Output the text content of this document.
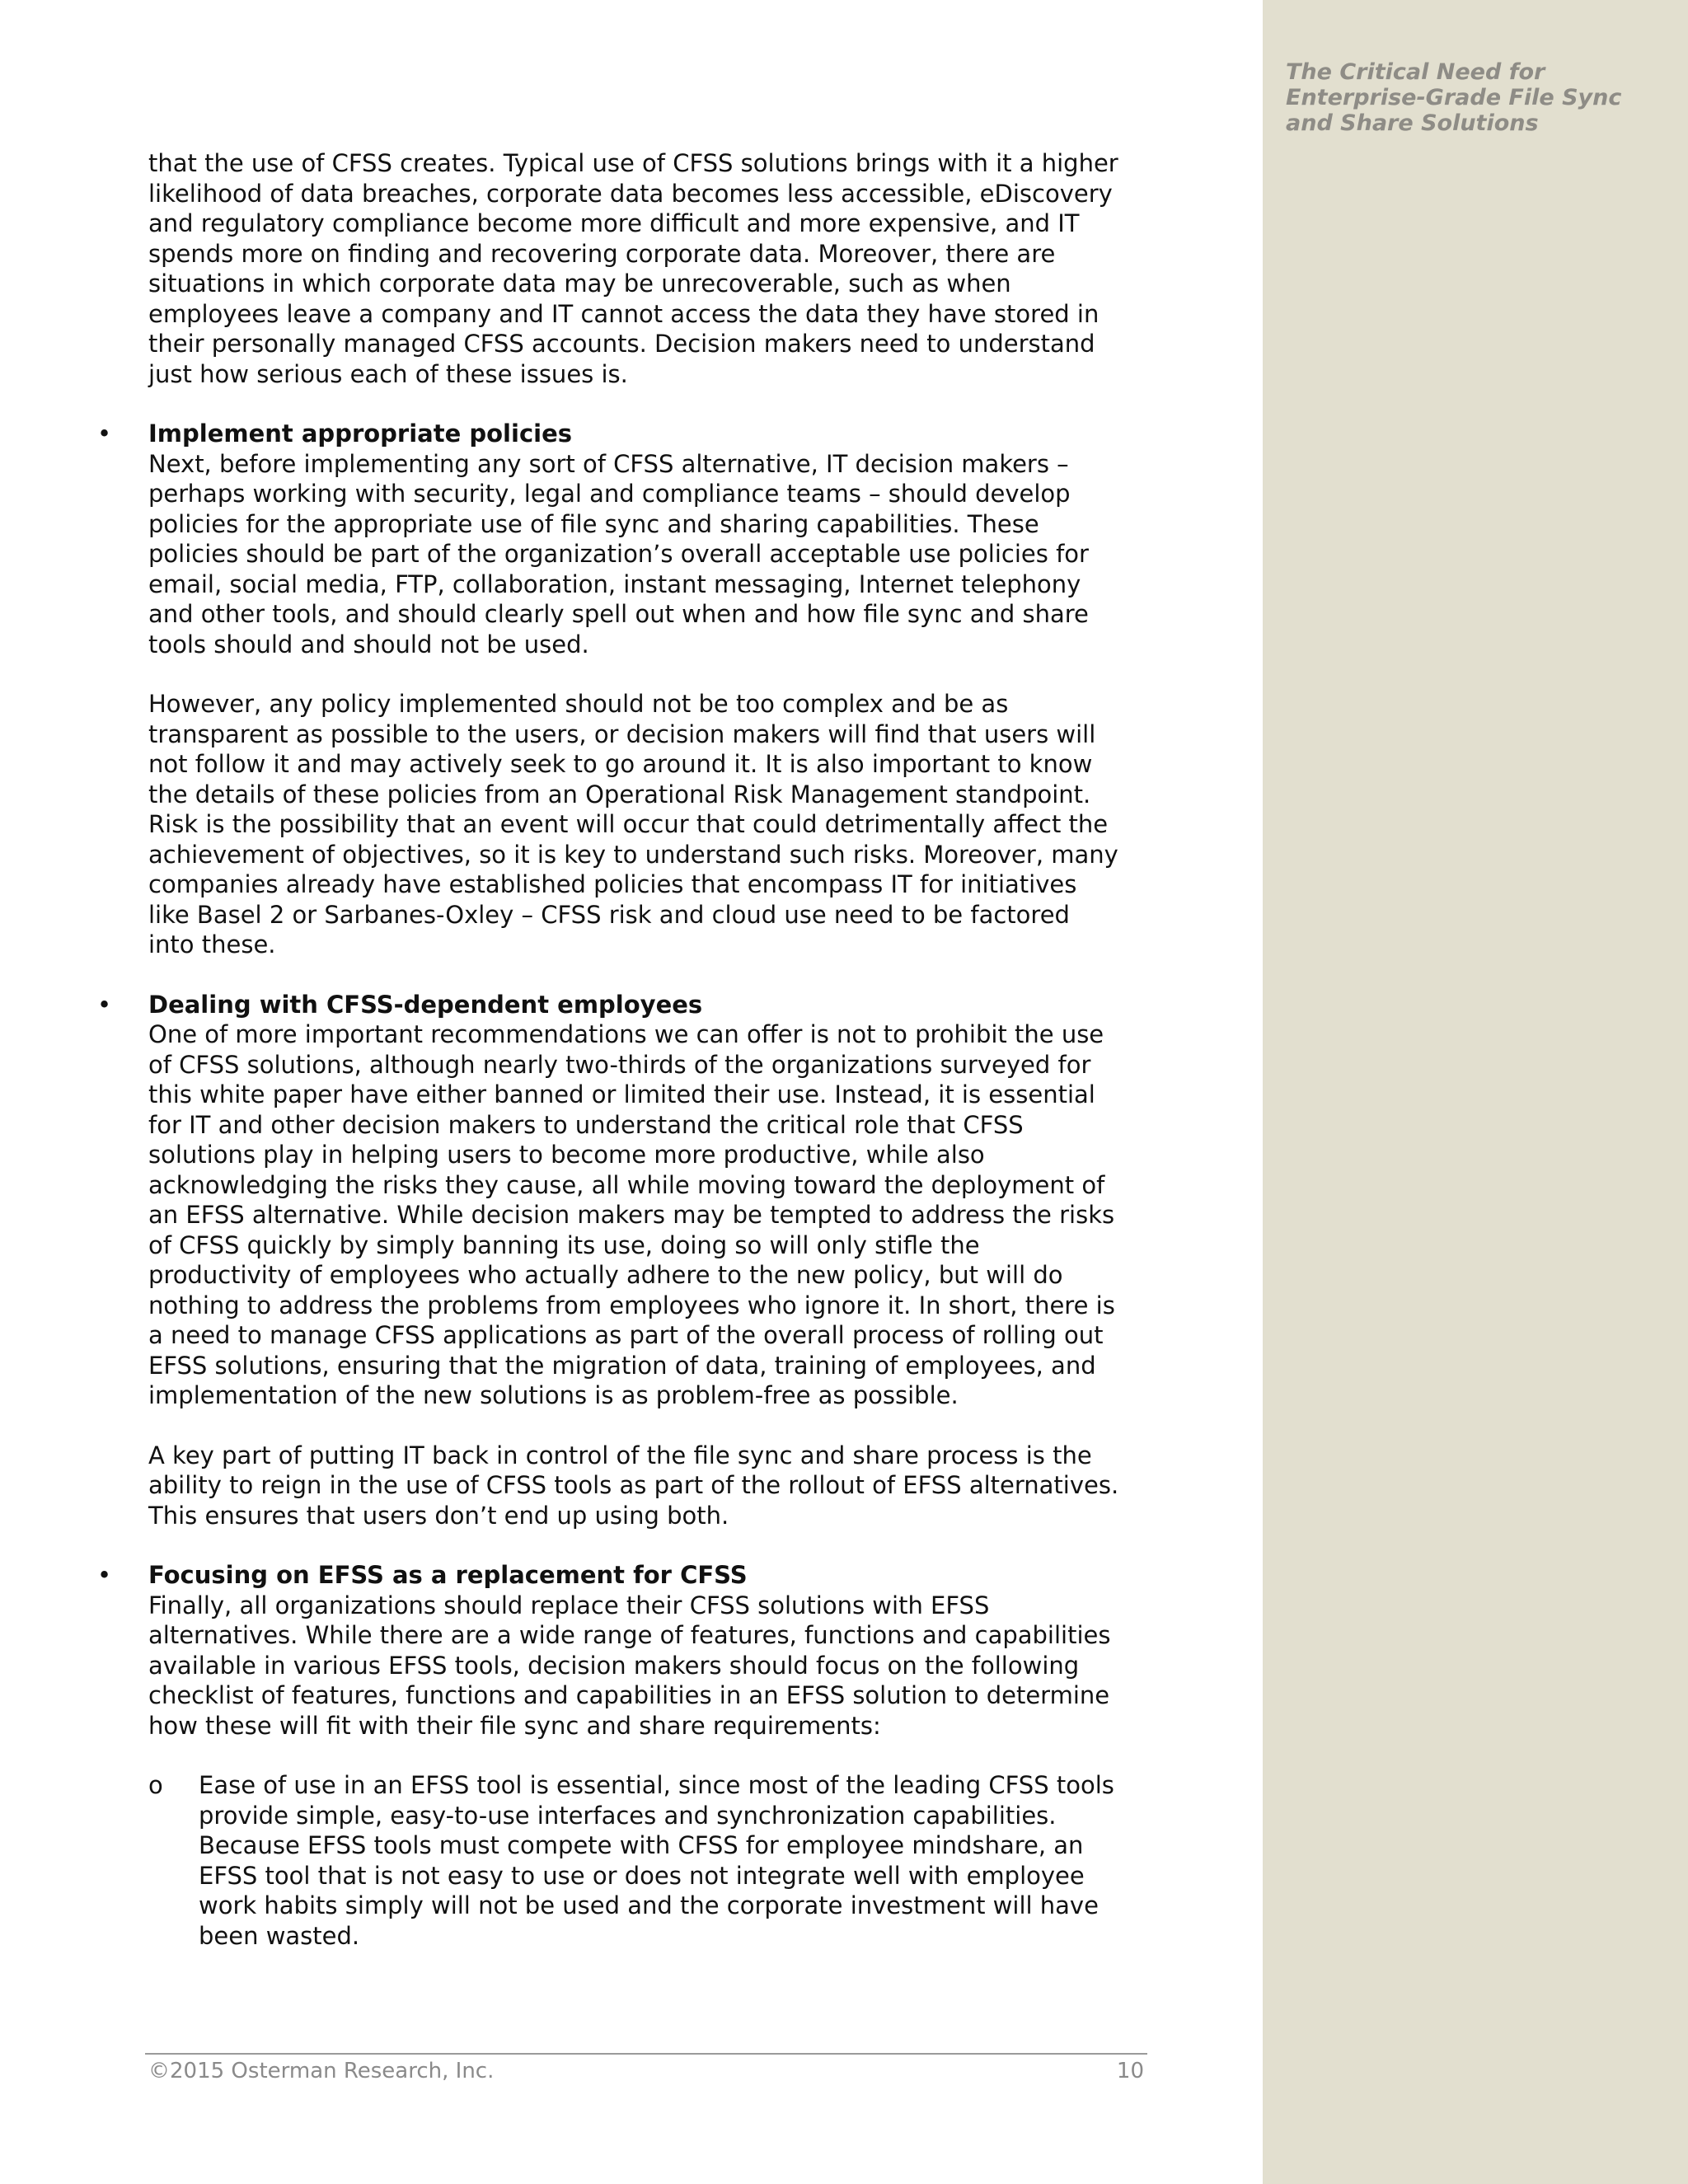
The Critical Need for Enterprise-Grade File Sync and Share Solutions

that the use of CFSS creates. Typical use of CFSS solutions brings with it a higher likelihood of data breaches, corporate data becomes less accessible, eDiscovery and regulatory compliance become more difficult and more expensive, and IT spends more on finding and recovering corporate data. Moreover, there are situations in which corporate data may be unrecoverable, such as when employees leave a company and IT cannot access the data they have stored in their personally managed CFSS accounts. Decision makers need to understand just how serious each of these issues is.

•	Implement appropriate policies

Next, before implementing any sort of CFSS alternative, IT decision makers – perhaps working with security, legal and compliance teams – should develop policies for the appropriate use of file sync and sharing capabilities. These policies should be part of the organization’s overall acceptable use policies for email, social media, FTP, collaboration, instant messaging, Internet telephony and other tools, and should clearly spell out when and how file sync and share tools should and should not be used.

However, any policy implemented should not be too complex and be as transparent as possible to the users, or decision makers will find that users will not follow it and may actively seek to go around it. It is also important to know the details of these policies from an Operational Risk Management standpoint. Risk is the possibility that an event will occur that could detrimentally affect the achievement of objectives, so it is key to understand such risks. Moreover, many companies already have established policies that encompass IT for initiatives like Basel 2 or Sarbanes-Oxley – CFSS risk and cloud use need to be factored into these.

•	Dealing with CFSS-dependent employees

One of more important recommendations we can offer is not to prohibit the use of CFSS solutions, although nearly two-thirds of the organizations surveyed for this white paper have either banned or limited their use. Instead, it is essential for IT and other decision makers to understand the critical role that CFSS solutions play in helping users to become more productive, while also acknowledging the risks they cause, all while moving toward the deployment of an EFSS alternative. While decision makers may be tempted to address the risks of CFSS quickly by simply banning its use, doing so will only stifle the productivity of employees who actually adhere to the new policy, but will do nothing to address the problems from employees who ignore it. In short, there is a need to manage CFSS applications as part of the overall process of rolling out EFSS solutions, ensuring that the migration of data, training of employees, and implementation of the new solutions is as problem-free as possible.

A key part of putting IT back in control of the file sync and share process is the ability to reign in the use of CFSS tools as part of the rollout of EFSS alternatives. This ensures that users don’t end up using both.

•	Focusing on EFSS as a replacement for CFSS

Finally, all organizations should replace their CFSS solutions with EFSS alternatives. While there are a wide range of features, functions and capabilities available in various EFSS tools, decision makers should focus on the following checklist of features, functions and capabilities in an EFSS solution to determine how these will fit with their file sync and share requirements:

o Ease of use in an EFSS tool is essential, since most of the leading CFSS tools provide simple, easy-to-use interfaces and synchronization capabilities. Because EFSS tools must compete with CFSS for employee mindshare, an EFSS tool that is not easy to use or does not integrate well with employee work habits simply will not be used and the corporate investment will have been wasted.

©2015 Osterman Research, Inc.	10
